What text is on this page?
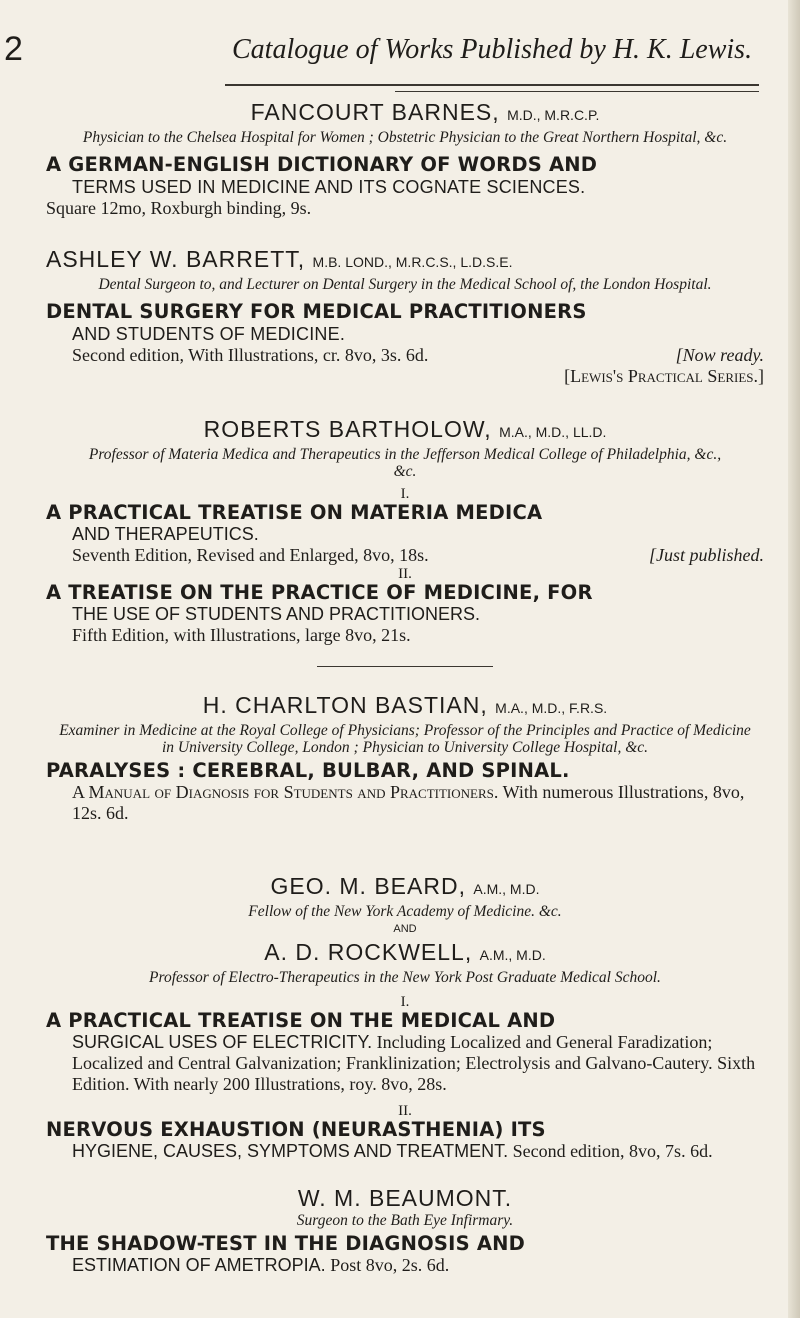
2	Catalogue of Works Published by H. K. Lewis.

FANCOURT BARNES, M.D., M.R.C.P.

Physician to the Chelsea Hospital for Women ; Obstetric Physician to the Great Northern Hospital, &c.

A GERMAN-ENGLISH DICTIONARY OF WORDS AND

TERMS USED IN MEDICINE AND ITS COGNATE SCIENCES.

Square 12mo, Roxburgh binding, 9s.

ASHLEY W. BARRETT, M.B. LOND., M.R.C.S., L.D.S.E.

Dental Surgeon to, and Lecturer on Dental Surgery in the Medical School of, the London Hospital.

DENTAL SURGERY FOR MEDICAL PRACTITIONERS

AND STUDENTS OF MEDICINE.

Second edition, With Illustrations, cr. 8vo, 3s. 6d.	[Now ready.

[Lewis's Practical Series.]

ROBERTS BARTHOLOW, M.A., M.D., LL.D.

Professor of Materia Medica and Therapeutics in the Jefferson Medical College of Philadelphia, &c., &c.

I.

A PRACTICAL TREATISE ON MATERIA MEDICA

AND THERAPEUTICS.

Seventh Edition, Revised and Enlarged, 8vo, 18s.	[Just published.

II.

A TREATISE ON THE PRACTICE OF MEDICINE, FOR

THE USE OF STUDENTS AND PRACTITIONERS.

Fifth Edition, with Illustrations, large 8vo, 21s.

H. CHARLTON BASTIAN, M.A., M.D., F.R.S.

Examiner in Medicine at the Royal College of Physicians; Professor of the Principles and Practice of Medicine in University College, London ; Physician to University College Hospital, &c.

PARALYSES : CEREBRAL, BULBAR, AND SPINAL.

A Manual of Diagnosis for Students and Practitioners. With numerous Illustrations, 8vo, 12s. 6d.

GEO. M. BEARD, A.M., M.D.

Fellow of the New York Academy of Medicine. &c.

AND

A. D. ROCKWELL, A.M., M.D.

Professor of Electro-Therapeutics in the New York Post Graduate Medical School.

I.

A PRACTICAL TREATISE ON THE MEDICAL AND

SURGICAL USES OF ELECTRICITY. Including Localized and General Faradization; Localized and Central Galvanization; Franklinization; Electrolysis and Galvano-Cautery. Sixth Edition. With nearly 200 Illustrations, roy. 8vo, 28s.

II.

NERVOUS EXHAUSTION (NEURASTHENIA) ITS

HYGIENE, CAUSES, SYMPTOMS AND TREATMENT. Second edition, 8vo, 7s. 6d.

W. M. BEAUMONT.

Surgeon to the Bath Eye Infirmary.

THE SHADOW-TEST IN THE DIAGNOSIS AND

ESTIMATION OF AMETROPIA. Post 8vo, 2s. 6d.
